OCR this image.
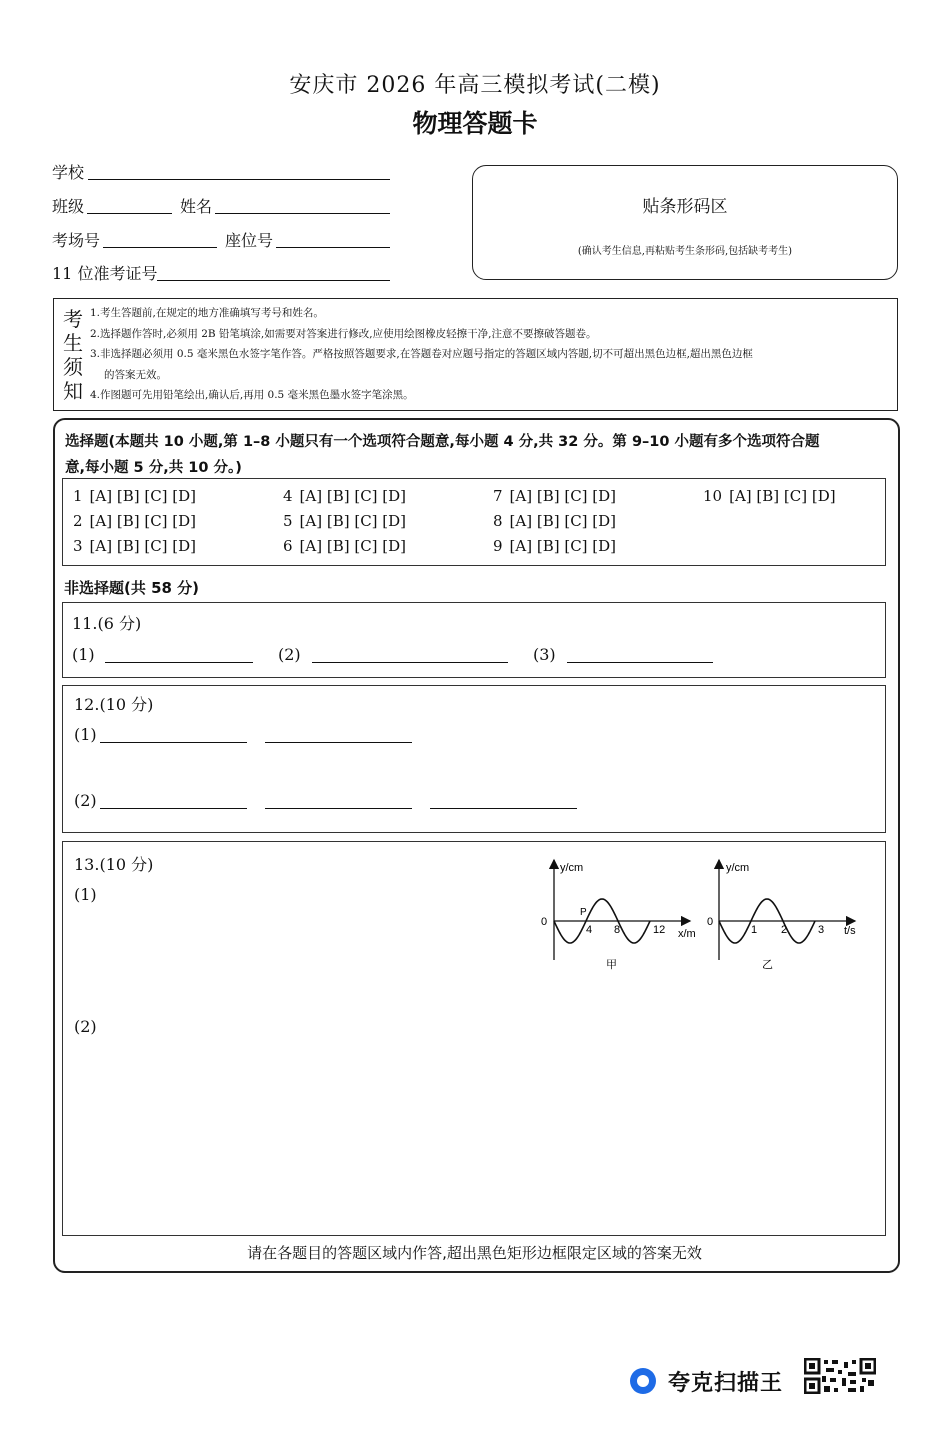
安庆市 2026 年高三模拟考试(二模)
物理答题卡
学校
班级	姓名
考场号	座位号
11 位准考证号
贴条形码区
(确认考生信息,再粘贴考生条形码,包括缺考考生)
考生须知
1.考生答题前,在规定的地方准确填写考号和姓名。
2.选择题作答时,必须用 2B 铅笔填涂,如需要对答案进行修改,应使用绘图橡皮轻擦干净,注意不要擦破答题卷。
3.非选择题必须用 0.5 毫米黑色水签字笔作答。严格按照答题要求,在答题卷对应题号指定的答题区域内答题,切不可超出黑色边框,超出黑色边框
的答案无效。
4.作图题可先用铅笔绘出,确认后,再用 0.5 毫米黑色墨水签字笔涂黑。
选择题(本题共 10 小题,第 1–8 小题只有一个选项符合题意,每小题 4 分,共 32 分。第 9–10 小题有多个选项符合题
意,每小题 5 分,共 10 分。)
1 [A] [B] [C] [D]
2 [A] [B] [C] [D]
3 [A] [B] [C] [D]
4 [A] [B] [C] [D]
5 [A] [B] [C] [D]
6 [A] [B] [C] [D]
7 [A] [B] [C] [D]
8 [A] [B] [C] [D]
9 [A] [B] [C] [D]
10 [A] [B] [C] [D]
非选择题(共 58 分)
11.(6 分)
(1)	(2)	(3)
12.(10 分)
(1)
(2)
13.(10 分)
(1)
(2)
y/cm
0
P
4 8	12 x/m
甲
y/cm
0
1 2	3 t/s
乙
请在各题目的答题区域内作答,超出黑色矩形边框限定区域的答案无效
夸克扫描王
